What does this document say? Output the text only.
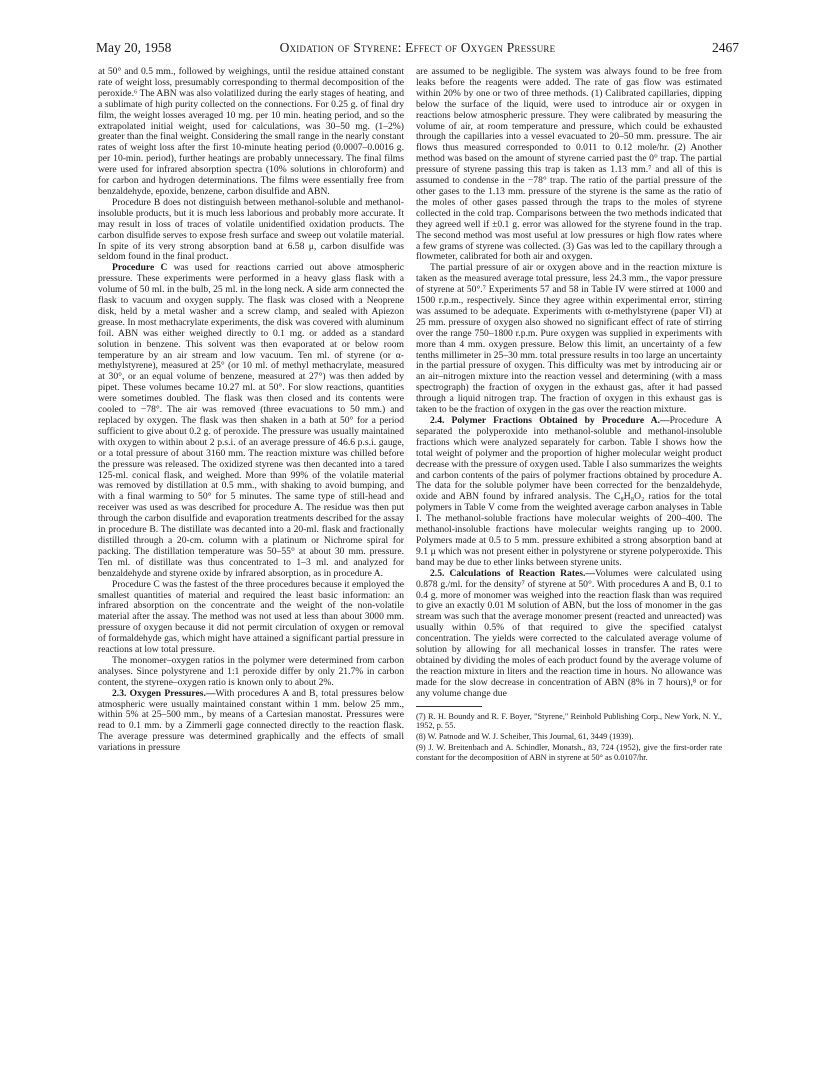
May 20, 1958	Oxidation of Styrene: Effect of Oxygen Pressure	2467

at 50° and 0.5 mm., followed by weighings, until the residue attained constant rate of weight loss, presumably corresponding to thermal decomposition of the peroxide.⁶ The ABN was also volatilized during the early stages of heating, and a sublimate of high purity collected on the connections. For 0.25 g. of final dry film, the weight losses averaged 10 mg. per 10 min. heating period, and so the extrapolated initial weight, used for calculations, was 30–50 mg. (1–2%) greater than the final weight. Considering the small range in the nearly constant rates of weight loss after the first 10-minute heating period (0.0007–0.0016 g. per 10-min. period), further heatings are probably unnecessary. The final films were used for infrared absorption spectra (10% solutions in chloroform) and for carbon and hydrogen determinations. The films were essentially free from benzaldehyde, epoxide, benzene, carbon disulfide and ABN.

Procedure B does not distinguish between methanol-soluble and methanol-insoluble products, but it is much less laborious and probably more accurate. It may result in loss of traces of volatile unidentified oxidation products. The carbon disulfide serves to expose fresh surface and sweep out volatile material. In spite of its very strong absorption band at 6.58 μ, carbon disulfide was seldom found in the final product.

Procedure C was used for reactions carried out above atmospheric pressure. These experiments were performed in a heavy glass flask with a volume of 50 ml. in the bulb, 25 ml. in the long neck. A side arm connected the flask to vacuum and oxygen supply. The flask was closed with a Neoprene disk, held by a metal washer and a screw clamp, and sealed with Apiezon grease. In most methacrylate experiments, the disk was covered with aluminum foil. ABN was either weighed directly to 0.1 mg. or added as a standard solution in benzene. This solvent was then evaporated at or below room temperature by an air stream and low vacuum. Ten ml. of styrene (or α-methylstyrene), measured at 25° (or 10 ml. of methyl methacrylate, measured at 30°, or an equal volume of benzene, measured at 27°) was then added by pipet. These volumes became 10.27 ml. at 50°. For slow reactions, quantities were sometimes doubled. The flask was then closed and its contents were cooled to −78°. The air was removed (three evacuations to 50 mm.) and replaced by oxygen. The flask was then shaken in a bath at 50° for a period sufficient to give about 0.2 g. of peroxide. The pressure was usually maintained with oxygen to within about 2 p.s.i. of an average pressure of 46.6 p.s.i. gauge, or a total pressure of about 3160 mm. The reaction mixture was chilled before the pressure was released. The oxidized styrene was then decanted into a tared 125-ml. conical flask, and weighed. More than 99% of the volatile material was removed by distillation at 0.5 mm., with shaking to avoid bumping, and with a final warming to 50° for 5 minutes. The same type of still-head and receiver was used as was described for procedure A. The residue was then put through the carbon disulfide and evaporation treatments described for the assay in procedure B. The distillate was decanted into a 20-ml. flask and fractionally distilled through a 20-cm. column with a platinum or Nichrome spiral for packing. The distillation temperature was 50–55° at about 30 mm. pressure. Ten ml. of distillate was thus concentrated to 1–3 ml. and analyzed for benzaldehyde and styrene oxide by infrared absorption, as in procedure A.

Procedure C was the fastest of the three procedures because it employed the smallest quantities of material and required the least basic information: an infrared absorption on the concentrate and the weight of the non-volatile material after the assay. The method was not used at less than about 3000 mm. pressure of oxygen because it did not permit circulation of oxygen or removal of formaldehyde gas, which might have attained a significant partial pressure in reactions at low total pressure.

The monomer–oxygen ratios in the polymer were determined from carbon analyses. Since polystyrene and 1:1 peroxide differ by only 21.7% in carbon content, the styrene–oxygen ratio is known only to about 2%.

2.3. Oxygen Pressures.—With procedures A and B, total pressures below atmospheric were usually maintained constant within 1 mm. below 25 mm., within 5% at 25–500 mm., by means of a Cartesian manostat. Pressures were read to 0.1 mm. by a Zimmerli gage connected directly to the reaction flask. The average pressure was determined graphically and the effects of small variations in pressure

are assumed to be negligible. The system was always found to be free from leaks before the reagents were added. The rate of gas flow was estimated within 20% by one or two of three methods. (1) Calibrated capillaries, dipping below the surface of the liquid, were used to introduce air or oxygen in reactions below atmospheric pressure. They were calibrated by measuring the volume of air, at room temperature and pressure, which could be exhausted through the capillaries into a vessel evacuated to 20–50 mm. pressure. The air flows thus measured corresponded to 0.011 to 0.12 mole/hr. (2) Another method was based on the amount of styrene carried past the 0° trap. The partial pressure of styrene passing this trap is taken as 1.13 mm.⁷ and all of this is assumed to condense in the −78° trap. The ratio of the partial pressure of the other gases to the 1.13 mm. pressure of the styrene is the same as the ratio of the moles of other gases passed through the traps to the moles of styrene collected in the cold trap. Comparisons between the two methods indicated that they agreed well if ±0.1 g. error was allowed for the styrene found in the trap. The second method was most useful at low pressures or high flow rates where a few grams of styrene was collected. (3) Gas was led to the capillary through a flowmeter, calibrated for both air and oxygen.

The partial pressure of air or oxygen above and in the reaction mixture is taken as the measured average total pressure, less 24.3 mm., the vapor pressure of styrene at 50°.⁷ Experiments 57 and 58 in Table IV were stirred at 1000 and 1500 r.p.m., respectively. Since they agree within experimental error, stirring was assumed to be adequate. Experiments with α-methylstyrene (paper VI) at 25 mm. pressure of oxygen also showed no significant effect of rate of stirring over the range 750–1800 r.p.m. Pure oxygen was supplied in experiments with more than 4 mm. oxygen pressure. Below this limit, an uncertainty of a few tenths millimeter in 25–30 mm. total pressure results in too large an uncertainty in the partial pressure of oxygen. This difficulty was met by introducing air or an air–nitrogen mixture into the reaction vessel and determining (with a mass spectrograph) the fraction of oxygen in the exhaust gas, after it had passed through a liquid nitrogen trap. The fraction of oxygen in this exhaust gas is taken to be the fraction of oxygen in the gas over the reaction mixture.

2.4. Polymer Fractions Obtained by Procedure A.—Procedure A separated the polyperoxide into methanol-soluble and methanol-insoluble fractions which were analyzed separately for carbon. Table I shows how the total weight of polymer and the proportion of higher molecular weight product decrease with the pressure of oxygen used. Table I also summarizes the weights and carbon contents of the pairs of polymer fractions obtained by procedure A. The data for the soluble polymer have been corrected for the benzaldehyde, oxide and ABN found by infrared analysis. The C₈H₈O₂ ratios for the total polymers in Table V come from the weighted average carbon analyses in Table I. The methanol-soluble fractions have molecular weights of 200–400. The methanol-insoluble fractions have molecular weights ranging up to 2000. Polymers made at 0.5 to 5 mm. pressure exhibited a strong absorption band at 9.1 μ which was not present either in polystyrene or styrene polyperoxide. This band may be due to ether links between styrene units.

2.5. Calculations of Reaction Rates.—Volumes were calculated using 0.878 g./ml. for the density⁷ of styrene at 50°. With procedures A and B, 0.1 to 0.4 g. more of monomer was weighed into the reaction flask than was required to give an exactly 0.01 M solution of ABN, but the loss of monomer in the gas stream was such that the average monomer present (reacted and unreacted) was usually within 0.5% of that required to give the specified catalyst concentration. The yields were corrected to the calculated average volume of solution by allowing for all mechanical losses in transfer. The rates were obtained by dividing the moles of each product found by the average volume of the reaction mixture in liters and the reaction time in hours. No allowance was made for the slow decrease in concentration of ABN (8% in 7 hours),⁸ or for any volume change due

(7) R. H. Boundy and R. F. Boyer, "Styrene," Reinhold Publishing Corp., New York, N. Y., 1952, p. 55.

(8) W. Patnode and W. J. Scheiber, This Journal, 61, 3449 (1939).

(9) J. W. Breitenbach and A. Schindler, Monatsh., 83, 724 (1952), give the first-order rate constant for the decomposition of ABN in styrene at 50° as 0.0107/hr.
